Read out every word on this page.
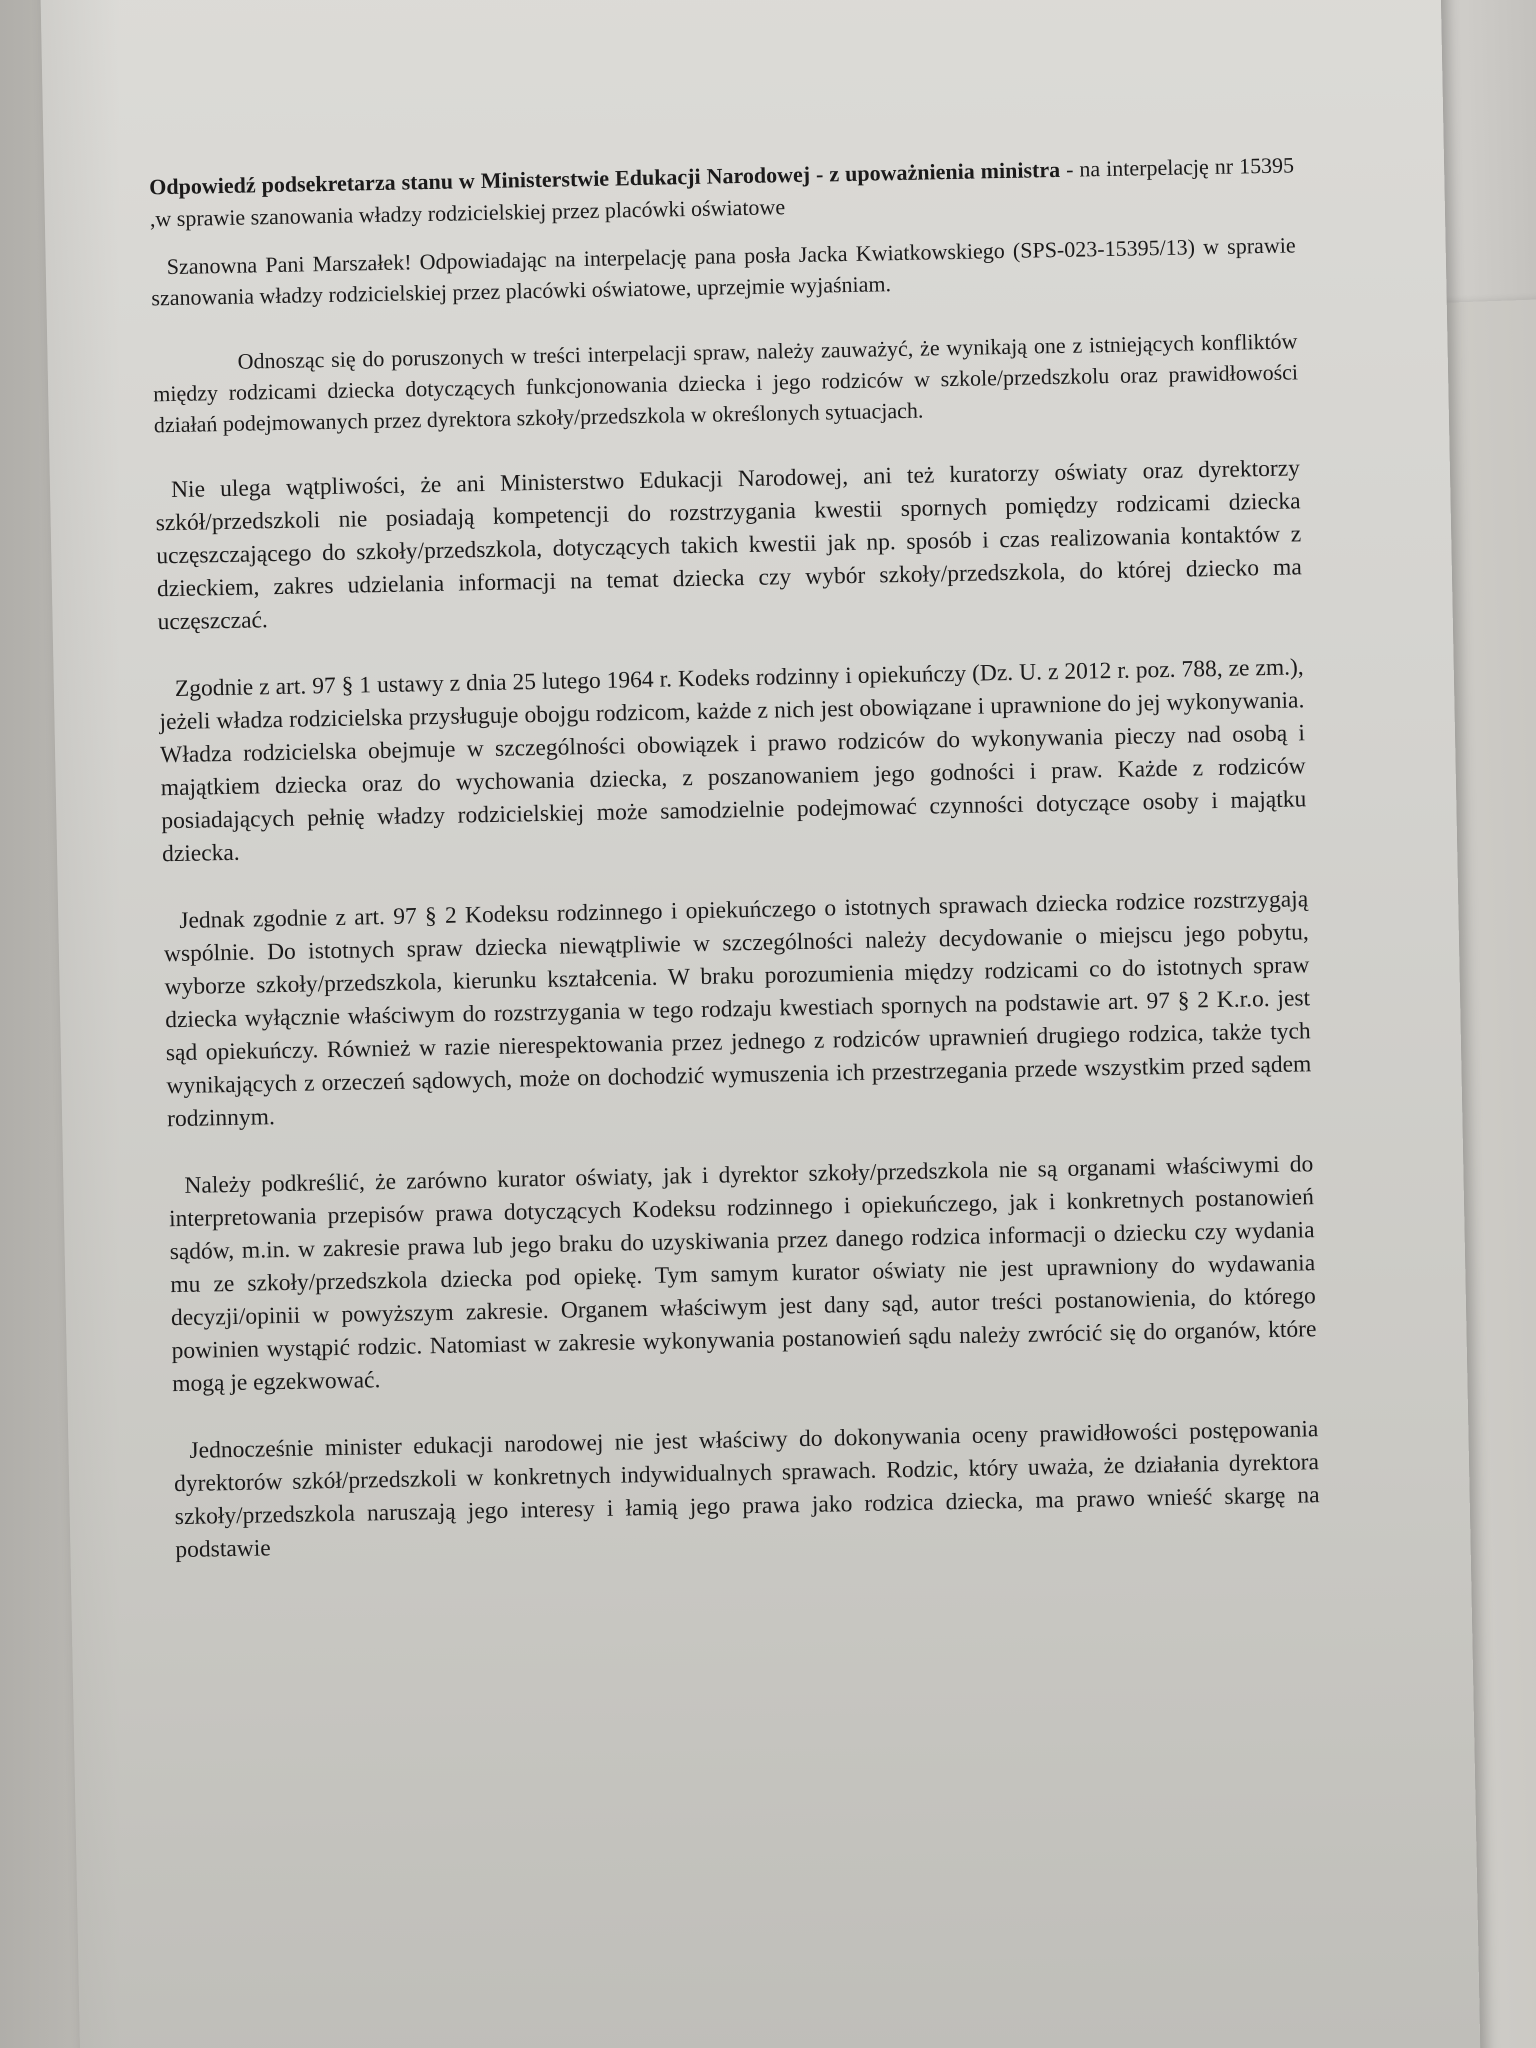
Odpowiedź podsekretarza stanu w Ministerstwie Edukacji Narodowej - z upoważnienia ministra - na interpelację nr 15395 ,w sprawie szanowania władzy rodzicielskiej przez placówki oświatowe

Szanowna Pani Marszałek! Odpowiadając na interpelację pana posła Jacka Kwiatkowskiego (SPS-023-15395/13) w sprawie szanowania władzy rodzicielskiej przez placówki oświatowe, uprzejmie wyjaśniam.

Odnosząc się do poruszonych w treści interpelacji spraw, należy zauważyć, że wynikają one z istniejących konfliktów między rodzicami dziecka dotyczących funkcjonowania dziecka i jego rodziców w szkole/przedszkolu oraz prawidłowości działań podejmowanych przez dyrektora szkoły/przedszkola w określonych sytuacjach.

Nie ulega wątpliwości, że ani Ministerstwo Edukacji Narodowej, ani też kuratorzy oświaty oraz dyrektorzy szkół/przedszkoli nie posiadają kompetencji do rozstrzygania kwestii spornych pomiędzy rodzicami dziecka uczęszczającego do szkoły/przedszkola, dotyczących takich kwestii jak np. sposób i czas realizowania kontaktów z dzieckiem, zakres udzielania informacji na temat dziecka czy wybór szkoły/przedszkola, do której dziecko ma uczęszczać.

Zgodnie z art. 97 § 1 ustawy z dnia 25 lutego 1964 r. Kodeks rodzinny i opiekuńczy (Dz. U. z 2012 r. poz. 788, ze zm.), jeżeli władza rodzicielska przysługuje obojgu rodzicom, każde z nich jest obowiązane i uprawnione do jej wykonywania. Władza rodzicielska obejmuje w szczególności obowiązek i prawo rodziców do wykonywania pieczy nad osobą i majątkiem dziecka oraz do wychowania dziecka, z poszanowaniem jego godności i praw. Każde z rodziców posiadających pełnię władzy rodzicielskiej może samodzielnie podejmować czynności dotyczące osoby i majątku dziecka.

Jednak zgodnie z art. 97 § 2 Kodeksu rodzinnego i opiekuńczego o istotnych sprawach dziecka rodzice rozstrzygają wspólnie. Do istotnych spraw dziecka niewątpliwie w szczególności należy decydowanie o miejscu jego pobytu, wyborze szkoły/przedszkola, kierunku kształcenia. W braku porozumienia między rodzicami co do istotnych spraw dziecka wyłącznie właściwym do rozstrzygania w tego rodzaju kwestiach spornych na podstawie art. 97 § 2 K.r.o. jest sąd opiekuńczy. Również w razie nierespektowania przez jednego z rodziców uprawnień drugiego rodzica, także tych wynikających z orzeczeń sądowych, może on dochodzić wymuszenia ich przestrzegania przede wszystkim przed sądem rodzinnym.

Należy podkreślić, że zarówno kurator oświaty, jak i dyrektor szkoły/przedszkola nie są organami właściwymi do interpretowania przepisów prawa dotyczących Kodeksu rodzinnego i opiekuńczego, jak i konkretnych postanowień sądów, m.in. w zakresie prawa lub jego braku do uzyskiwania przez danego rodzica informacji o dziecku czy wydania mu ze szkoły/przedszkola dziecka pod opiekę. Tym samym kurator oświaty nie jest uprawniony do wydawania decyzji/opinii w powyższym zakresie. Organem właściwym jest dany sąd, autor treści postanowienia, do którego powinien wystąpić rodzic. Natomiast w zakresie wykonywania postanowień sądu należy zwrócić się do organów, które mogą je egzekwować.

Jednocześnie minister edukacji narodowej nie jest właściwy do dokonywania oceny prawidłowości postępowania dyrektorów szkół/przedszkoli w konkretnych indywidualnych sprawach. Rodzic, który uważa, że działania dyrektora szkoły/przedszkola naruszają jego interesy i łamią jego prawa jako rodzica dziecka, ma prawo wnieść skargę na podstawie
